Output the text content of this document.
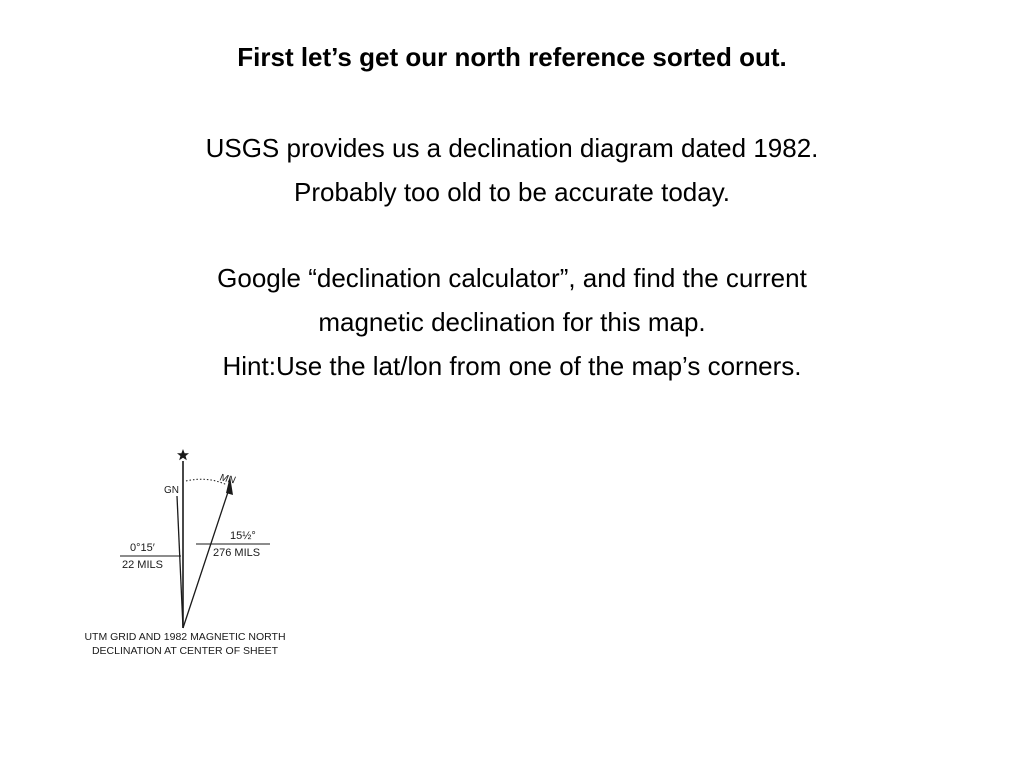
First let’s get our north reference sorted out.

USGS provides us a declination diagram dated 1982.
Probably too old to be accurate today.

Google “declination calculator”, and find the current
magnetic declination for this map.
Hint:Use the lat/lon from one of the map’s corners.

GN
MN
0°15′
22 MILS
15½°
276 MILS
UTM GRID AND 1982 MAGNETIC NORTH
DECLINATION AT CENTER OF SHEET
